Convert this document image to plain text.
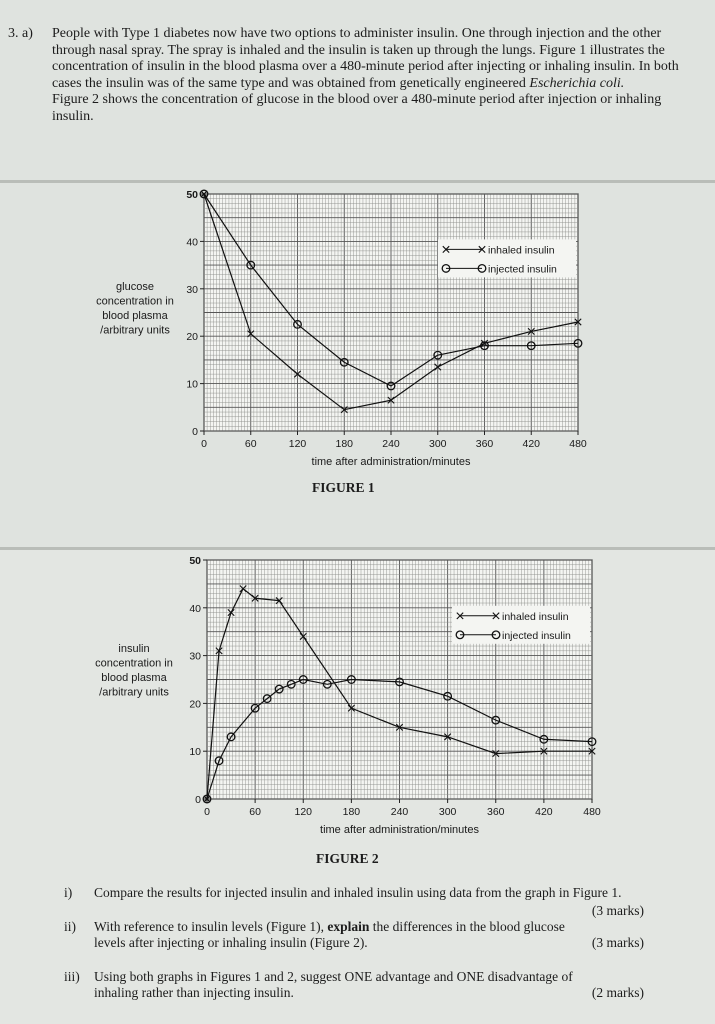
3. a) People with Type 1 diabetes now have two options to administer insulin. One through injection and the other through nasal spray. The spray is inhaled and the insulin is taken up through the lungs. Figure 1 illustrates the concentration of insulin in the blood plasma over a 480-minute period after injecting or inhaling insulin. In both cases the insulin was of the same type and was obtained from genetically engineered Escherichia coli.

Figure 2 shows the concentration of glucose in the blood over a 480-minute period after injection or inhaling insulin.

0	60	120	180	240	300	360	420	480
0
10
20
30
40
50
time after administration/minutes
glucose
concentration in
blood plasma
/arbitrary units
inhaled insulin
injected insulin
0	60	120	180	240	300	360	420	480
0
10
20
30
40
50
time after administration/minutes
insulin
concentration in
blood plasma
/arbitrary units
inhaled insulin
injected insulin
FIGURE 1
FIGURE 2
i) Compare the results for injected insulin and inhaled insulin using data from the graph in Figure 1.
(3 marks)
ii) With reference to insulin levels (Figure 1), explain the differences in the blood glucose levels after injecting or inhaling insulin (Figure 2).	(3 marks)
iii) Using both graphs in Figures 1 and 2, suggest ONE advantage and ONE disadvantage of inhaling rather than injecting insulin.	(2 marks)
